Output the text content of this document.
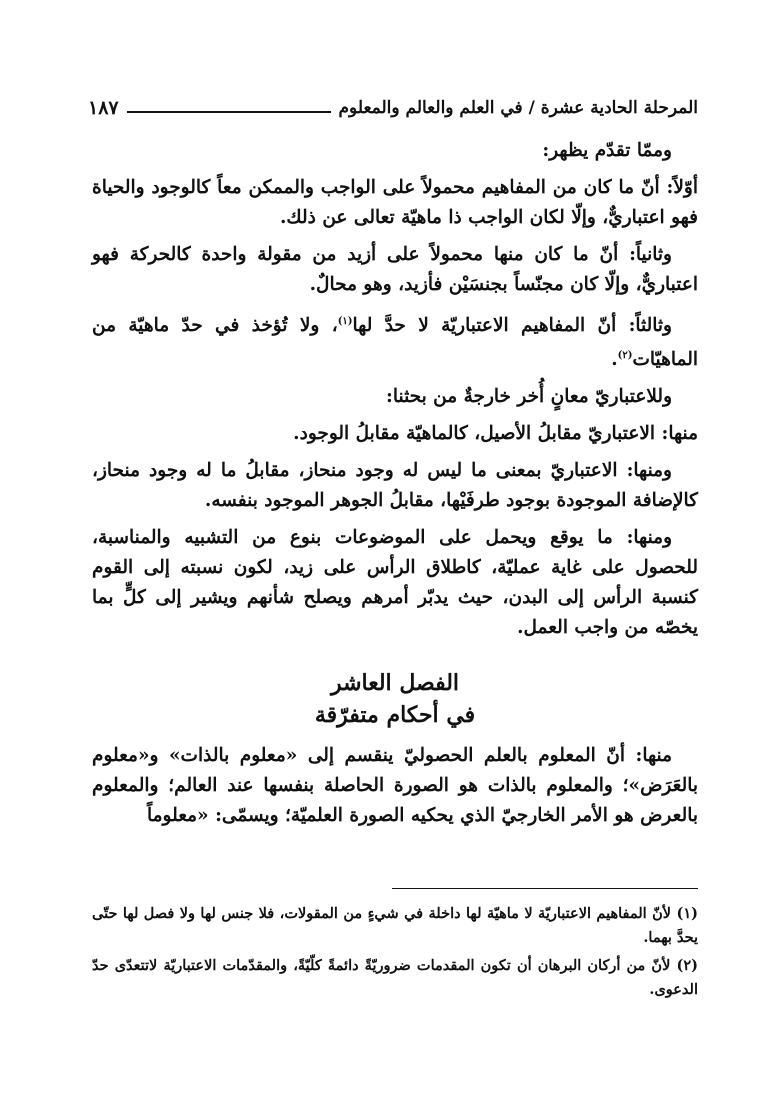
المرحلة الحادية عشرة / في العلم والعالم والمعلوم
١٨٧

وممّا تقدّم يظهر:

أوّلاً: أنّ ما كان من المفاهيم محمولاً على الواجب والممكن معاً كالوجود والحياة فهو اعتباريٌّ، وإلّا لكان الواجب ذا ماهيّة تعالى عن ذلك.

وثانياً: أنّ ما كان منها محمولاً على أزيد من مقولة واحدة كالحركة فهو اعتباريٌّ، وإلّا كان مجنّساً بجنسَيْن فأزيد، وهو محالٌ.

وثالثاً: أنّ المفاهيم الاعتباريّة لا حدَّ لها$^{(١)}$، ولا تُؤخذ في حدّ ماهيّة من الماهيّات$^{(٢)}$.

وللاعتباريّ معانٍ أُخر خارجةٌ من بحثنا:

منها: الاعتباريّ مقابلُ الأصيل، كالماهيّة مقابلُ الوجود.

ومنها: الاعتباريّ بمعنى ما ليس له وجود منحاز، مقابلُ ما له وجود منحاز، كالإضافة الموجودة بوجود طرفَيْها، مقابلُ الجوهر الموجود بنفسه.

ومنها: ما يوقع ويحمل على الموضوعات بنوع من التشبيه والمناسبة، للحصول على غاية عمليّة، كاطلاق الرأس على زيد، لكون نسبته إلى القوم كنسبة الرأس إلى البدن، حيث يدبّر أمرهم ويصلح شأنهم ويشير إلى كلٍّ بما يخصّه من واجب العمل.

الفصل العاشر
في أحكام متفرّقة

منها: أنّ المعلوم بالعلم الحصوليّ ينقسم إلى «معلوم بالذات» و«معلوم بالعَرَض»؛ والمعلوم بالذات هو الصورة الحاصلة بنفسها عند العالم؛ والمعلوم بالعرض هو الأمر الخارجيّ الذي يحكيه الصورة العلميّة؛ ويسمّى: «معلوماً

(١) لأنّ المفاهيم الاعتباريّة لا ماهيّة لها داخلة في شيءٍ من المقولات، فلا جنس لها ولا فصل لها حتّى يحدَّ بهما.

(٢) لأنّ من أركان البرهان أن تكون المقدمات ضروريّةً دائمةً كلّيّةً، والمقدّمات الاعتباريّة لاتتعدّى حدّ الدعوى.
